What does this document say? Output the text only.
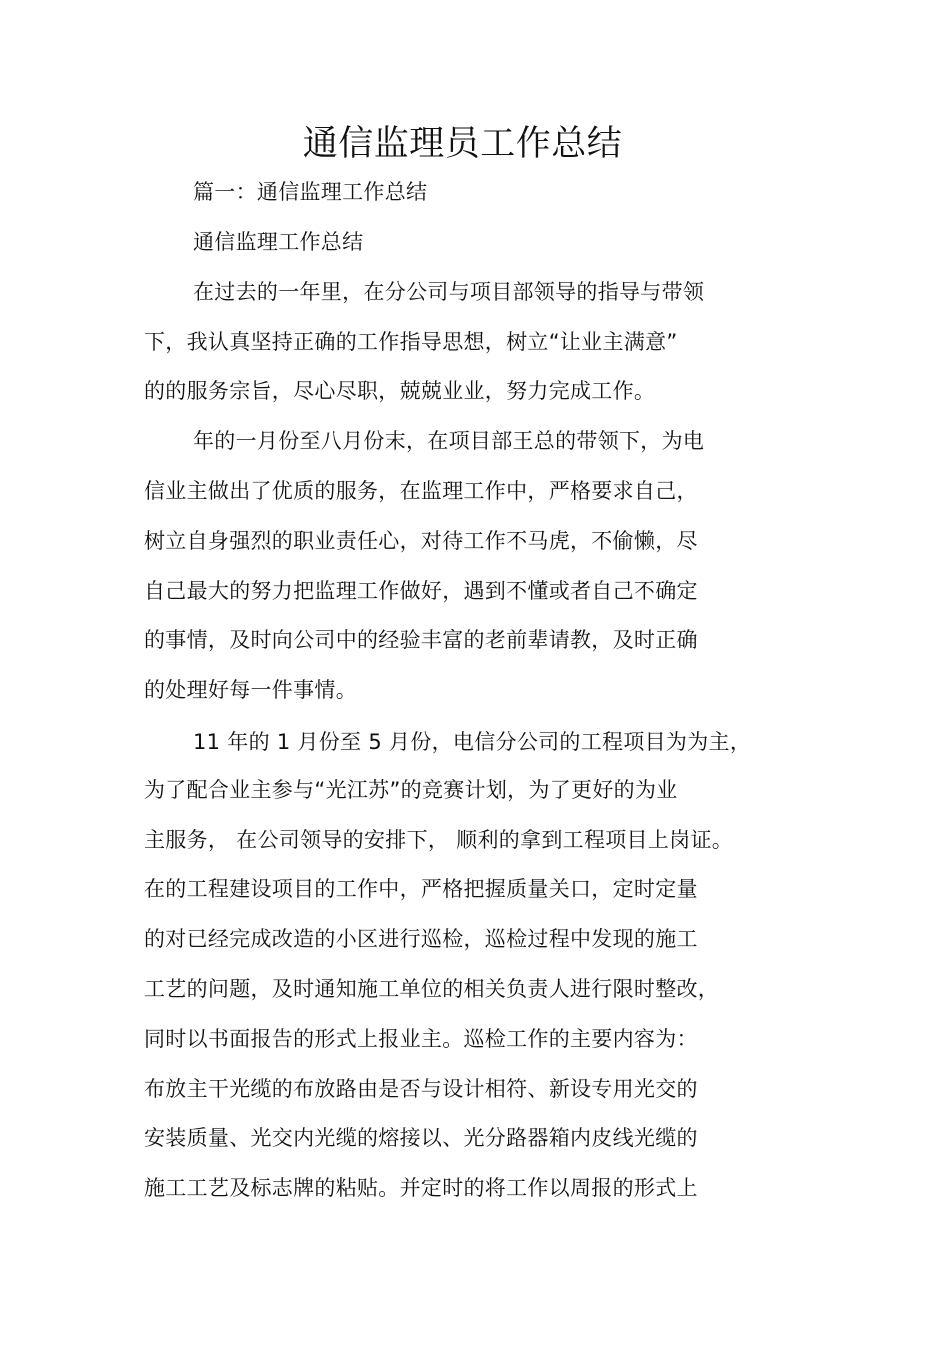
通信监理员工作总结
篇一：通信监理工作总结
通信监理工作总结
在过去的一年里，在分公司与项目部领导的指导与带领
下，我认真坚持正确的工作指导思想，树立“让业主满意”
的的服务宗旨，尽心尽职，兢兢业业，努力完成工作。
年的一月份至八月份末，在项目部王总的带领下，为电
信业主做出了优质的服务，在监理工作中，严格要求自己，
树立自身强烈的职业责任心，对待工作不马虎，不偷懒，尽
自己最大的努力把监理工作做好，遇到不懂或者自己不确定
的事情，及时向公司中的经验丰富的老前辈请教，及时正确
的处理好每一件事情。
11 年的 1 月份至 5 月份，电信分公司的工程项目为为主，
为了配合业主参与“光江苏”的竞赛计划，为了更好的为业
主服务， 在公司领导的安排下， 顺利的拿到工程项目上岗证。
在的工程建设项目的工作中，严格把握质量关口，定时定量
的对已经完成改造的小区进行巡检，巡检过程中发现的施工
工艺的问题，及时通知施工单位的相关负责人进行限时整改，
同时以书面报告的形式上报业主。巡检工作的主要内容为：
布放主干光缆的布放路由是否与设计相符、新设专用光交的
安装质量、光交内光缆的熔接以、光分路器箱内皮线光缆的
施工工艺及标志牌的粘贴。并定时的将工作以周报的形式上
